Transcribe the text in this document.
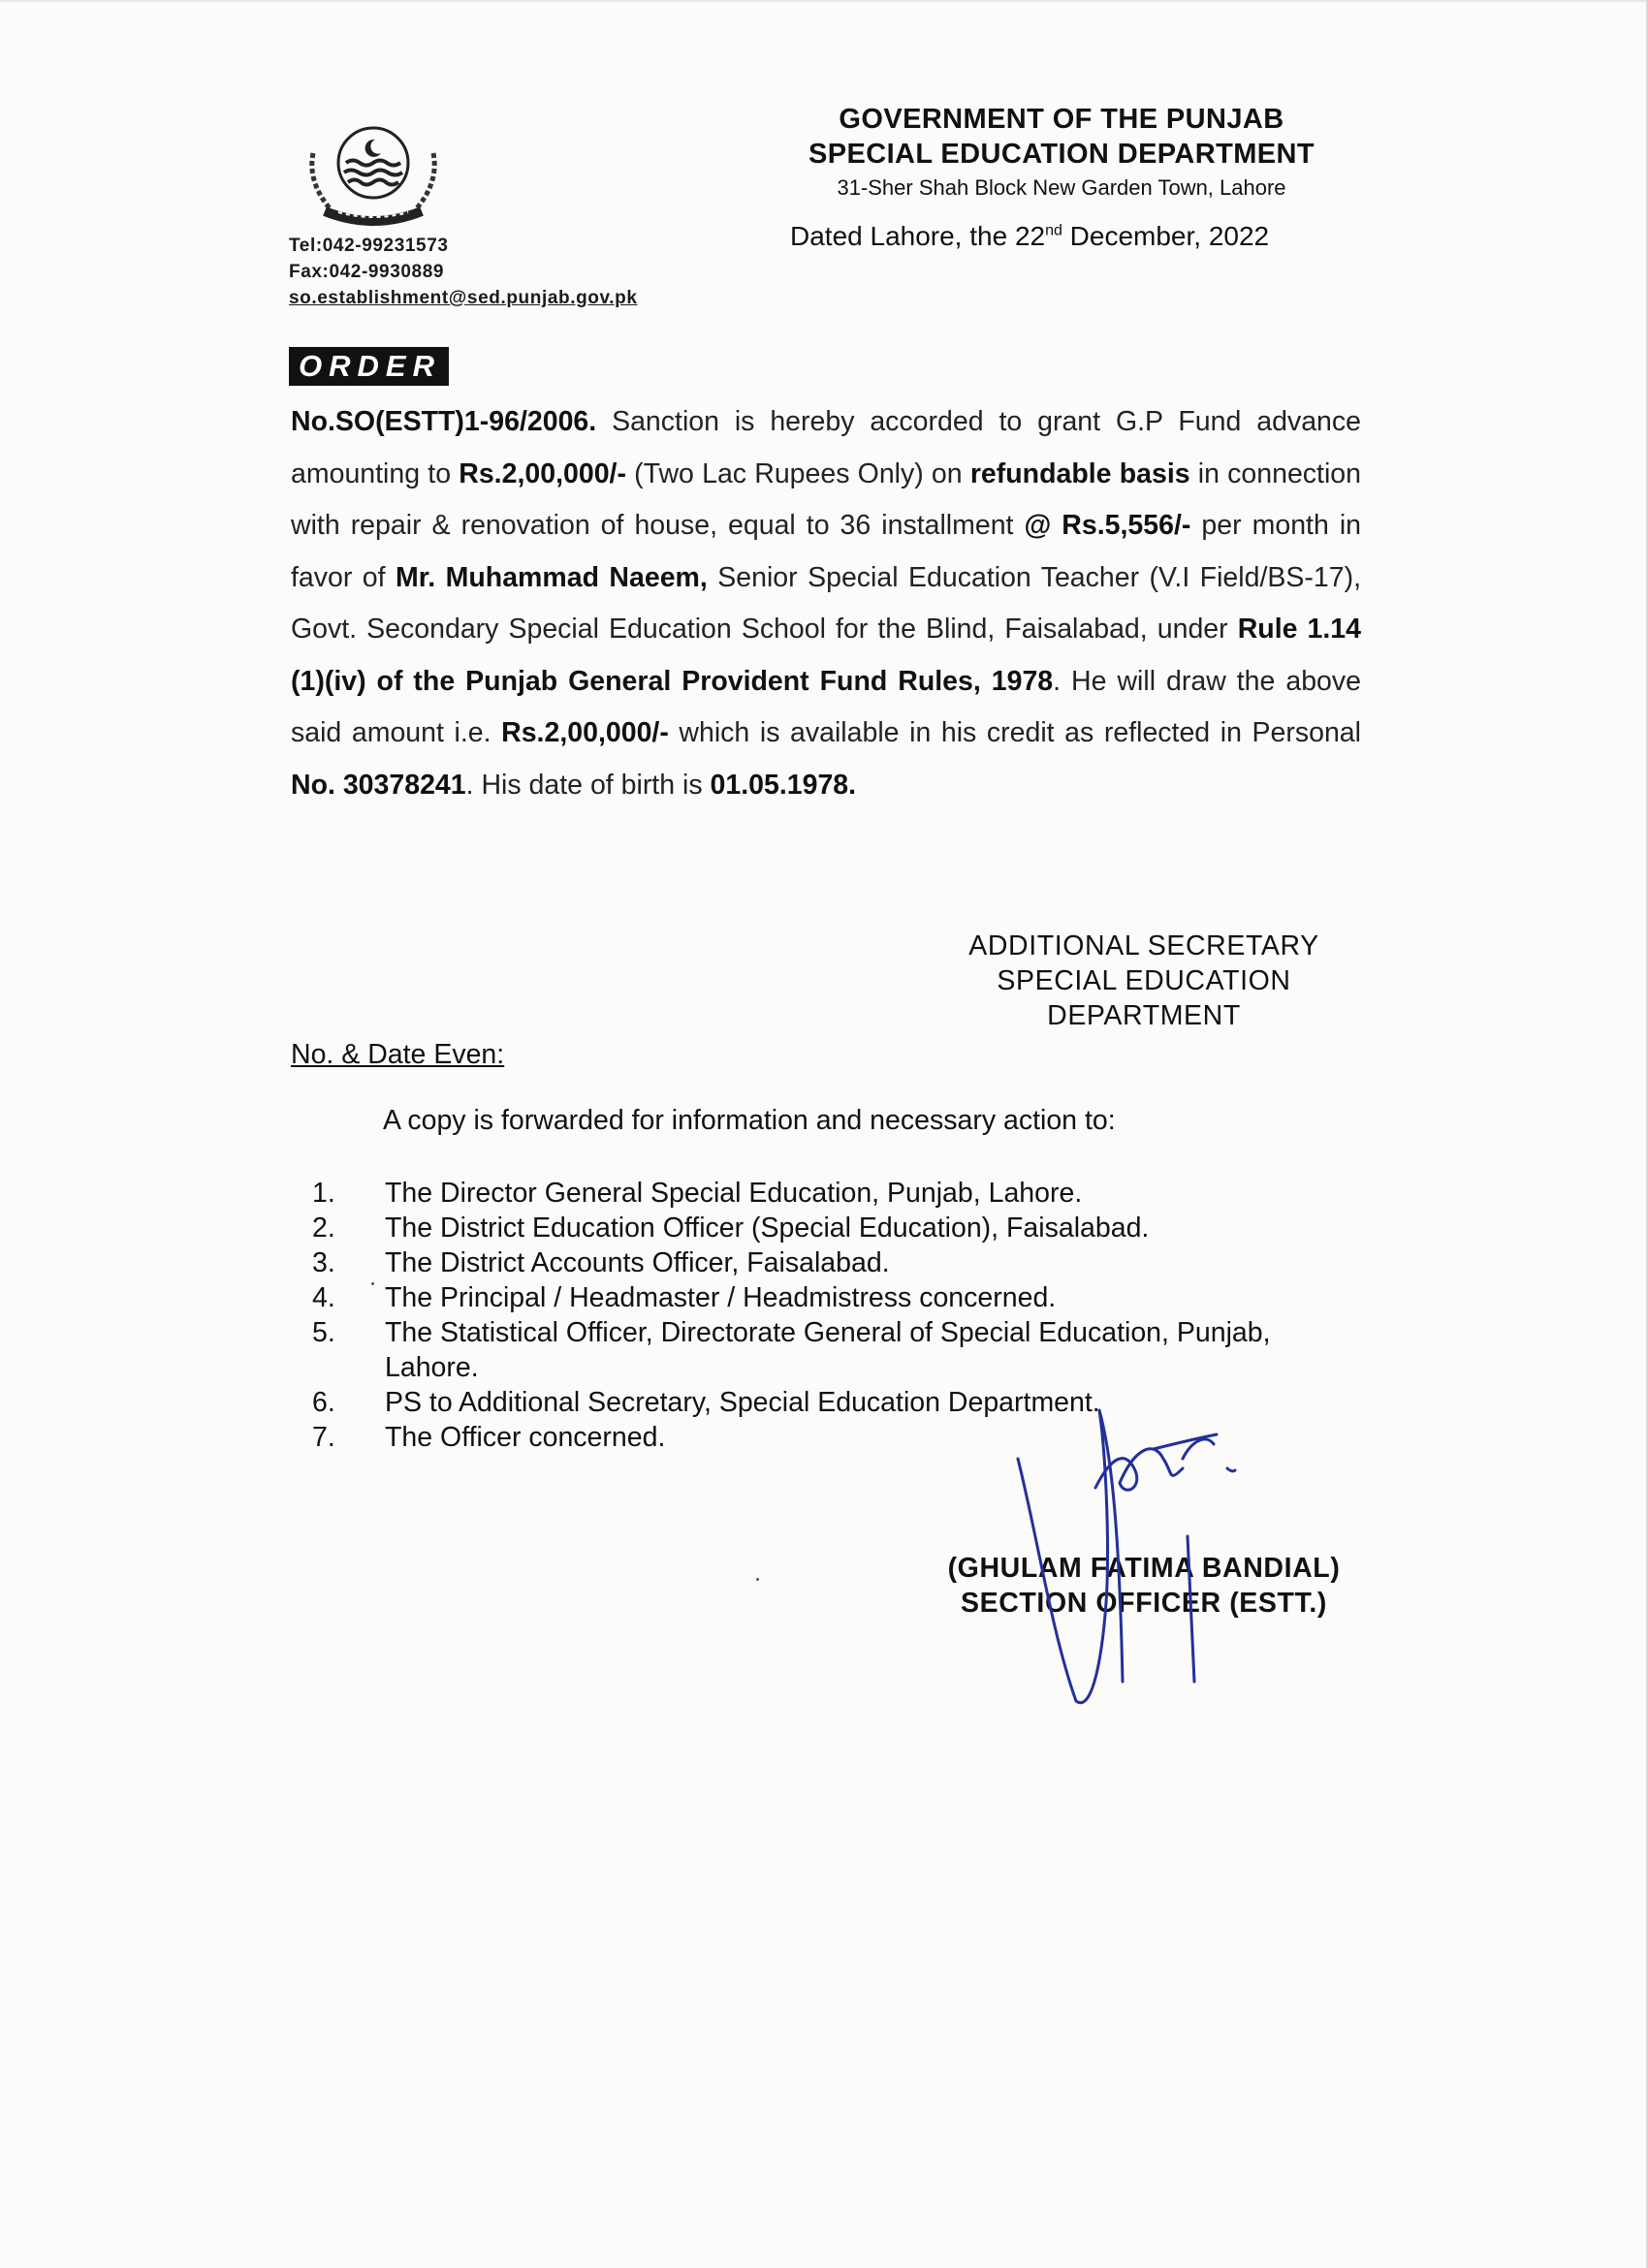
Tel:042-99231573
Fax:042-9930889
so.establishment@sed.punjab.gov.pk
GOVERNMENT OF THE PUNJAB
SPECIAL EDUCATION DEPARTMENT
31-Sher Shah Block New Garden Town, Lahore
Dated Lahore, the 22nd December, 2022
ORDER
No.SO(ESTT)1-96/2006. Sanction is hereby accorded to grant G.P Fund advance amounting to Rs.2,00,000/- (Two Lac Rupees Only) on refundable basis in connection with repair & renovation of house, equal to 36 installment @ Rs.5,556/- per month in favor of Mr. Muhammad Naeem, Senior Special Education Teacher (V.I Field/BS-17), Govt. Secondary Special Education School for the Blind, Faisalabad, under Rule 1.14 (1)(iv) of the Punjab General Provident Fund Rules, 1978. He will draw the above said amount i.e. Rs.2,00,000/- which is available in his credit as reflected in Personal No. 30378241. His date of birth is 01.05.1978.
ADDITIONAL SECRETARY
SPECIAL EDUCATION
DEPARTMENT
No. & Date Even:
A copy is forwarded for information and necessary action to:
1.	The Director General Special Education, Punjab, Lahore.
2.	The District Education Officer (Special Education), Faisalabad.
3.	The District Accounts Officer, Faisalabad.
4.	The Principal / Headmaster / Headmistress concerned.
5.	The Statistical Officer, Directorate General of Special Education, Punjab, Lahore.
6.	PS to Additional Secretary, Special Education Department.
7.	The Officer concerned.
(GHULAM FATIMA BANDIAL)
SECTION OFFICER (ESTT.)
